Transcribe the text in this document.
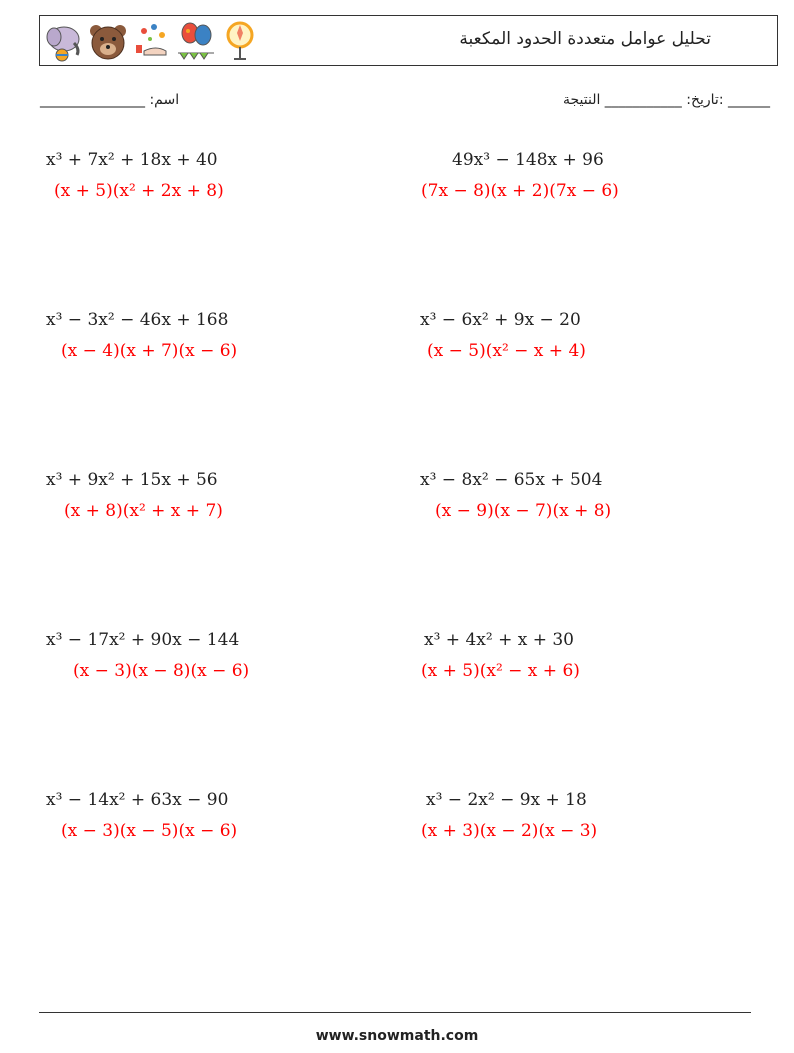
تحليل عوامل متعددة الحدود المكعبة
______ :تاريخ: ___________ النتيجة
اسم: _______________
x³ + 7x² + 18x + 40
(x + 5)(x² + 2x + 8)
49x³ − 148x + 96
(7x − 8)(x + 2)(7x − 6)
x³ − 3x² − 46x + 168
(x − 4)(x + 7)(x − 6)
x³ − 6x² + 9x − 20
(x − 5)(x² − x + 4)
x³ + 9x² + 15x + 56
(x + 8)(x² + x + 7)
x³ − 8x² − 65x + 504
(x − 9)(x − 7)(x + 8)
x³ − 17x² + 90x − 144
(x − 3)(x − 8)(x − 6)
x³ + 4x² + x + 30
(x + 5)(x² − x + 6)
x³ − 14x² + 63x − 90
(x − 3)(x − 5)(x − 6)
x³ − 2x² − 9x + 18
(x + 3)(x − 2)(x − 3)
www.snowmath.com
